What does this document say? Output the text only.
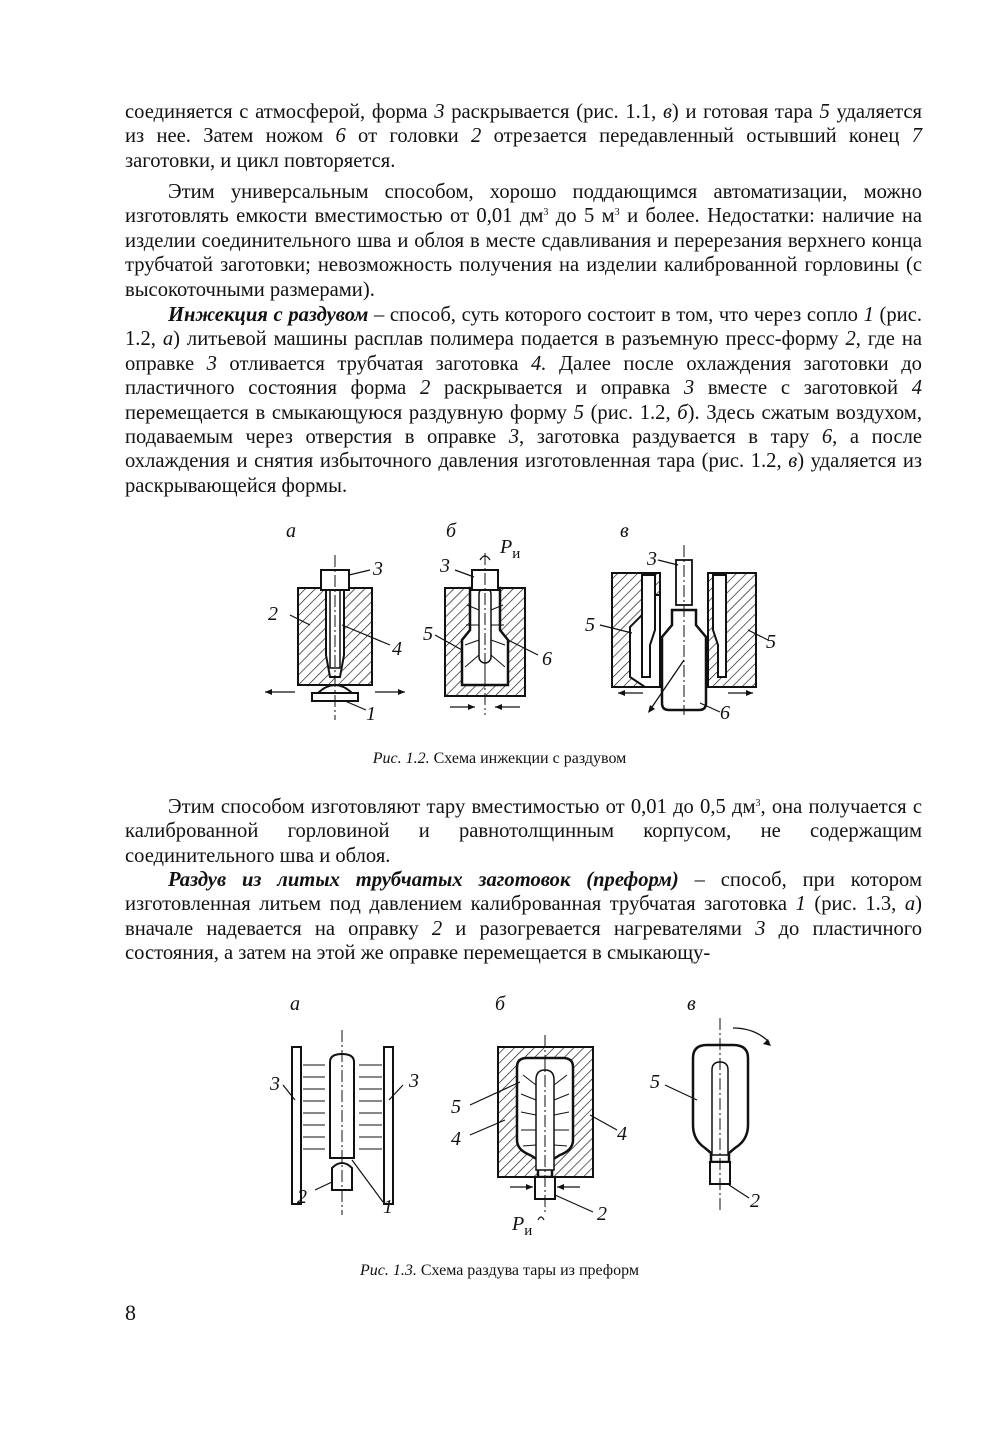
соединяется с атмосферой, форма 3 раскрывается (рис. 1.1, в) и готовая тара 5 удаляется из нее. Затем ножом 6 от головки 2 отрезается передавленный остывший конец 7 заготовки, и цикл повторяется.

Этим универсальным способом, хорошо поддающимся автоматизации, можно изготовлять емкости вместимостью от 0,01 $дм^3$ до 5 $м^3$ и более. Недостатки: наличие на изделии соединительного шва и облоя в месте сдавливания и перерезания верхнего конца трубчатой заготовки; невозможность получения на изделии калиброванной горловины (с высокоточными размерами).

Инжекция с раздувом – способ, суть которого состоит в том, что через сопло 1 (рис. 1.2, а) литьевой машины расплав полимера подается в разъемную пресс-форму 2, где на оправке 3 отливается трубчатая заготовка 4. Далее после охлаждения заготовки до пластичного состояния форма 2 раскрывается и оправка 3 вместе с заготовкой 4 перемещается в смыкающуюся раздувную форму 5 (рис. 1.2, б). Здесь сжатым воздухом, подаваемым через отверстия в оправке 3, заготовка раздувается в тару 6, а после охлаждения и снятия избыточного давления изготовленная тара (рис. 1.2, в) удаляется из раскрывающейся формы.

а	б	в
3
2
4
1
$P_и$
3
5
6
3
5
5
6
Рис. 1.2. Схема инжекции с раздувом

Этим способом изготовляют тару вместимостью от 0,01 до 0,5 $дм^3$, она получается с калиброванной горловиной и равнотолщинным корпусом, не содержащим соединительного шва и облоя.

Раздув из литых трубчатых заготовок (преформ) – способ, при котором изготовленная литьем под давлением калиброванная трубчатая заготовка 1 (рис. 1.3, а) вначале надевается на оправку 2 и разогревается нагревателями 3 до пластичного состояния, а затем на этой же оправке перемещается в смыкающу-

а	б	в
3	3
2	1
5
4	4
2
$P_и$
5
2
Рис. 1.3. Схема раздува тары из преформ
8
